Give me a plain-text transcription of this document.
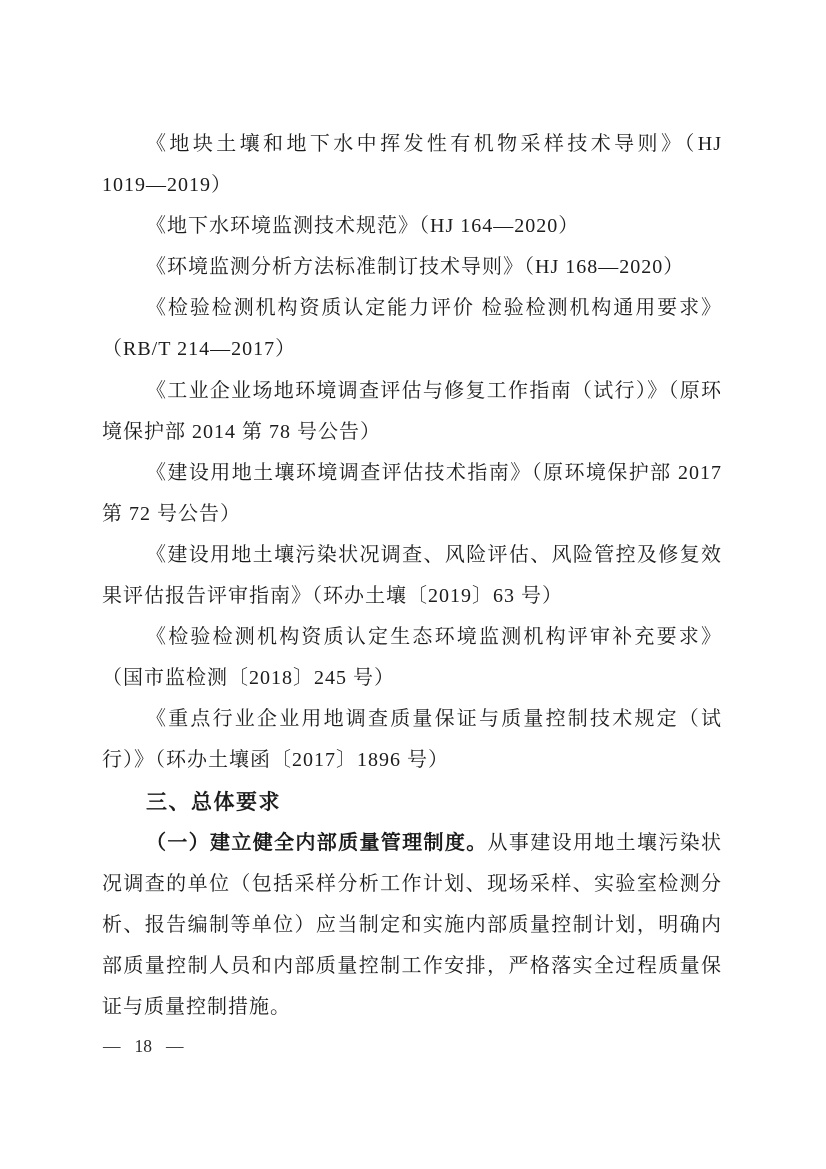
《地块土壤和地下水中挥发性有机物采样技术导则》（HJ
1019—2019）
《地下水环境监测技术规范》（HJ 164—2020）
《环境监测分析方法标准制订技术导则》（HJ 168—2020）
《检验检测机构资质认定能力评价 检验检测机构通用要求》
（RB/T 214—2017）
《工业企业场地环境调查评估与修复工作指南（试行）》（原环
境保护部 2014 第 78 号公告）
《建设用地土壤环境调查评估技术指南》（原环境保护部 2017
第 72 号公告）
《建设用地土壤污染状况调查、风险评估、风险管控及修复效
果评估报告评审指南》（环办土壤〔2019〕63 号）
《检验检测机构资质认定生态环境监测机构评审补充要求》
（国市监检测〔2018〕245 号）
《重点行业企业用地调查质量保证与质量控制技术规定（试
行）》（环办土壤函〔2017〕1896 号）
三、总体要求
（一）建立健全内部质量管理制度。从事建设用地土壤污染状
况调查的单位（包括采样分析工作计划、现场采样、实验室检测分
析、报告编制等单位）应当制定和实施内部质量控制计划，明确内
部质量控制人员和内部质量控制工作安排，严格落实全过程质量保
证与质量控制措施。
— 18 —
